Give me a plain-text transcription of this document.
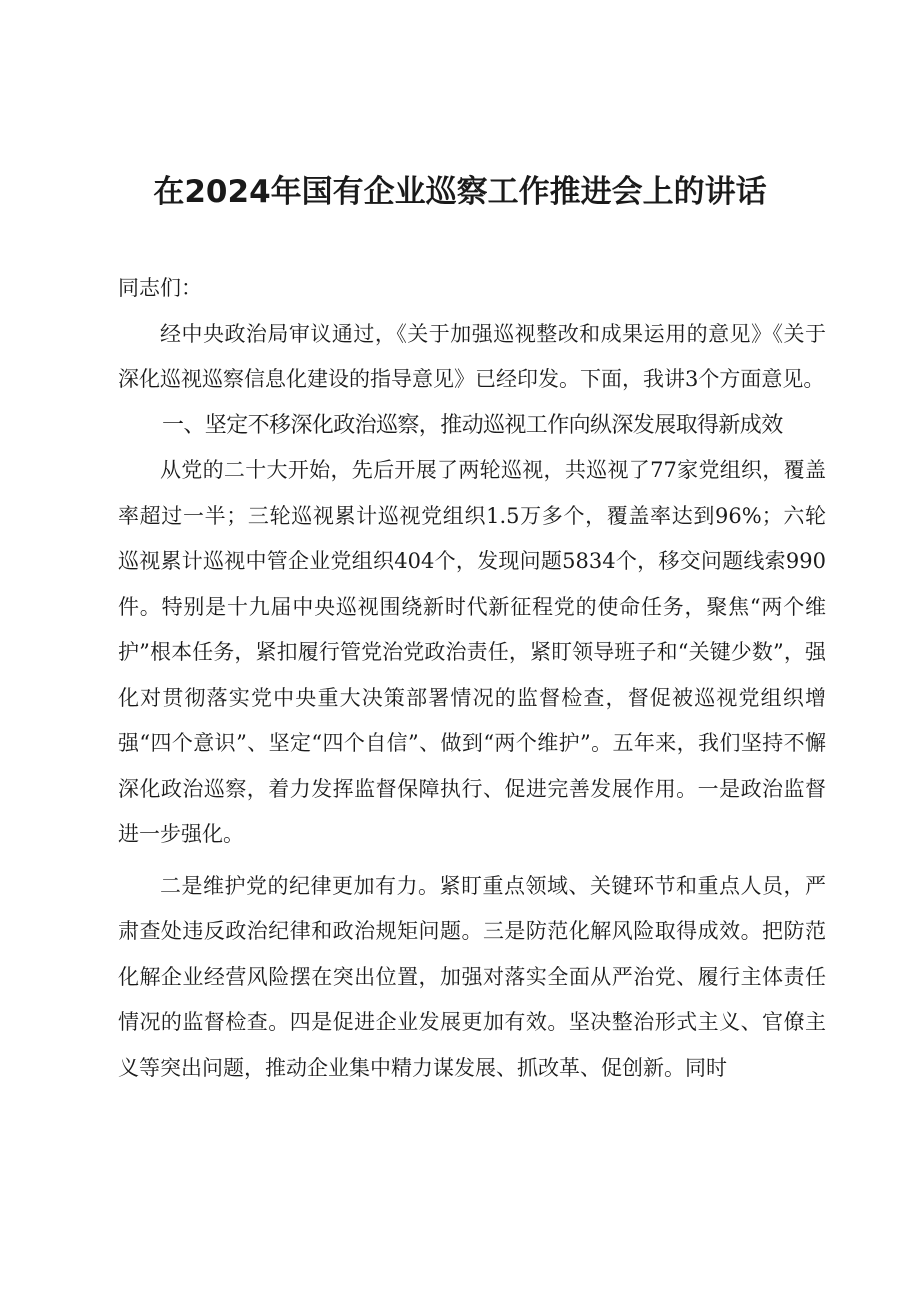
在2024年国有企业巡察工作推进会上的讲话

同志们：

经中央政治局审议通过，《关于加强巡视整改和成果运用的意见》《关于深化巡视巡察信息化建设的指导意见》已经印发。下面，我讲3个方面意见。

一、坚定不移深化政治巡察，推动巡视工作向纵深发展取得新成效

从党的二十大开始，先后开展了两轮巡视，共巡视了77家党组织，覆盖率超过一半；三轮巡视累计巡视党组织1.5万多个，覆盖率达到96%；六轮巡视累计巡视中管企业党组织404个，发现问题5834个，移交问题线索990件。特别是十九届中央巡视围绕新时代新征程党的使命任务，聚焦“两个维护”根本任务，紧扣履行管党治党政治责任，紧盯领导班子和“关键少数”，强化对贯彻落实党中央重大决策部署情况的监督检查，督促被巡视党组织增强“四个意识”、坚定“四个自信”、做到“两个维护”。五年来，我们坚持不懈深化政治巡察，着力发挥监督保障执行、促进完善发展作用。一是政治监督进一步强化。

二是维护党的纪律更加有力。紧盯重点领域、关键环节和重点人员，严肃查处违反政治纪律和政治规矩问题。三是防范化解风险取得成效。把防范化解企业经营风险摆在突出位置，加强对落实全面从严治党、履行主体责任情况的监督检查。四是促进企业发展更加有效。坚决整治形式主义、官僚主义等突出问题，推动企业集中精力谋发展、抓改革、促创新。同时
